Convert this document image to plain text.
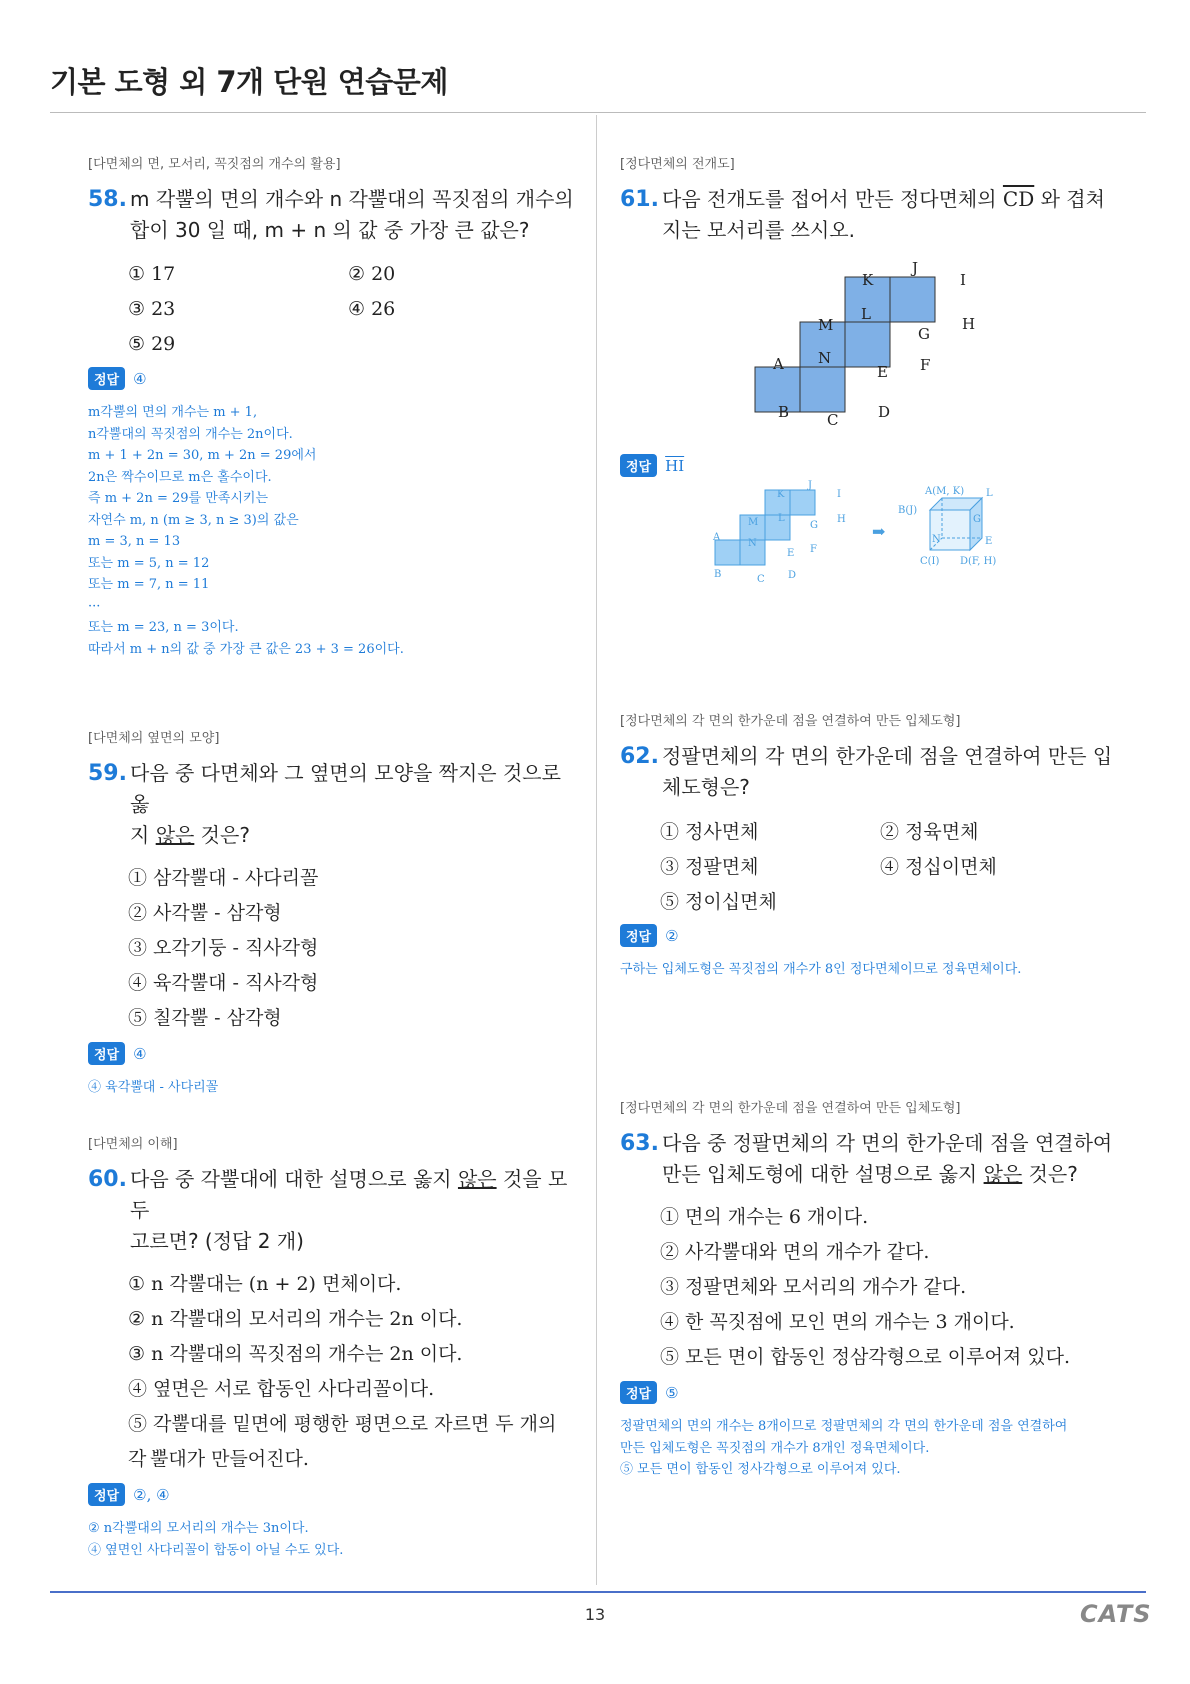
기본 도형 외 7개 단원 연습문제
[다면체의 면, 모서리, 꼭짓점의 개수의 활용]
58. m 각뿔의 면의 개수와 n 각뿔대의 꼭짓점의 개수의
합이 30 일 때, m + n 의 값 중 가장 큰 값은?
① 17	② 20
③ 23	④ 26
⑤ 29
정답 ④
m각뿔의 면의 개수는 m + 1,
n각뿔대의 꼭짓점의 개수는 2n이다.
m + 1 + 2n = 30, m + 2n = 29에서
2n은 짝수이므로 m은 홀수이다.
즉 m + 2n = 29를 만족시키는
자연수 m, n (m ≥ 3, n ≥ 3)의 값은
m = 3, n = 13
또는 m = 5, n = 12
또는 m = 7, n = 11
···
또는 m = 23, n = 3이다.
따라서 m + n의 값 중 가장 큰 값은 23 + 3 = 26이다.
[다면체의 옆면의 모양]
59. 다음 중 다면체와 그 옆면의 모양을 짝지은 것으로 옳
지 않은 것은?
① 삼각뿔대 - 사다리꼴
② 사각뿔 - 삼각형
③ 오각기둥 - 직사각형
④ 육각뿔대 - 직사각형
⑤ 칠각뿔 - 삼각형
정답 ④
④ 육각뿔대 - 사다리꼴
[다면체의 이해]
60. 다음 중 각뿔대에 대한 설명으로 옳지 않은 것을 모두
고르면? (정답 2 개)
① n 각뿔대는 (n + 2) 면체이다.
② n 각뿔대의 모서리의 개수는 2n 이다.
③ n 각뿔대의 꼭짓점의 개수는 2n 이다.
④ 옆면은 서로 합동인 사다리꼴이다.
⑤ 각뿔대를 밑면에 평행한 평면으로 자르면 두 개의 각 뿔대가 만들어진다.
정답 ②, ④
② n각뿔대의 모서리의 개수는 3n이다.
④ 옆면인 사다리꼴이 합동이 아닐 수도 있다.
[정다면체의 전개도]
61. 다음 전개도를 접어서 만든 정다면체의 $\overline{CD}$ 와 겹쳐
지는 모서리를 쓰시오.
A
B	C	D
E F
G
H
I
J
K
L
M
N
정답 $\overline{HI}$
A
B	C D
E F
G
H
I
J
K
L
M
N
➡
A(M, K) L
B(J)
G
N	E
C(I) D(F, H)
[정다면체의 각 면의 한가운데 점을 연결하여 만든 입체도형]
62. 정팔면체의 각 면의 한가운데 점을 연결하여 만든 입
체도형은?
① 정사면체	② 정육면체
③ 정팔면체	④ 정십이면체
⑤ 정이십면체
정답 ②
구하는 입체도형은 꼭짓점의 개수가 8인 정다면체이므로 정육면체이다.
[정다면체의 각 면의 한가운데 점을 연결하여 만든 입체도형]
63. 다음 중 정팔면체의 각 면의 한가운데 점을 연결하여
만든 입체도형에 대한 설명으로 옳지 않은 것은?
① 면의 개수는 6 개이다.
② 사각뿔대와 면의 개수가 같다.
③ 정팔면체와 모서리의 개수가 같다.
④ 한 꼭짓점에 모인 면의 개수는 3 개이다.
⑤ 모든 면이 합동인 정삼각형으로 이루어져 있다.
정답 ⑤
정팔면체의 면의 개수는 8개이므로 정팔면체의 각 면의 한가운데 점을 연결하여
만든 입체도형은 꼭짓점의 개수가 8개인 정육면체이다.
⑤ 모든 면이 합동인 정사각형으로 이루어져 있다.
13	CATS
